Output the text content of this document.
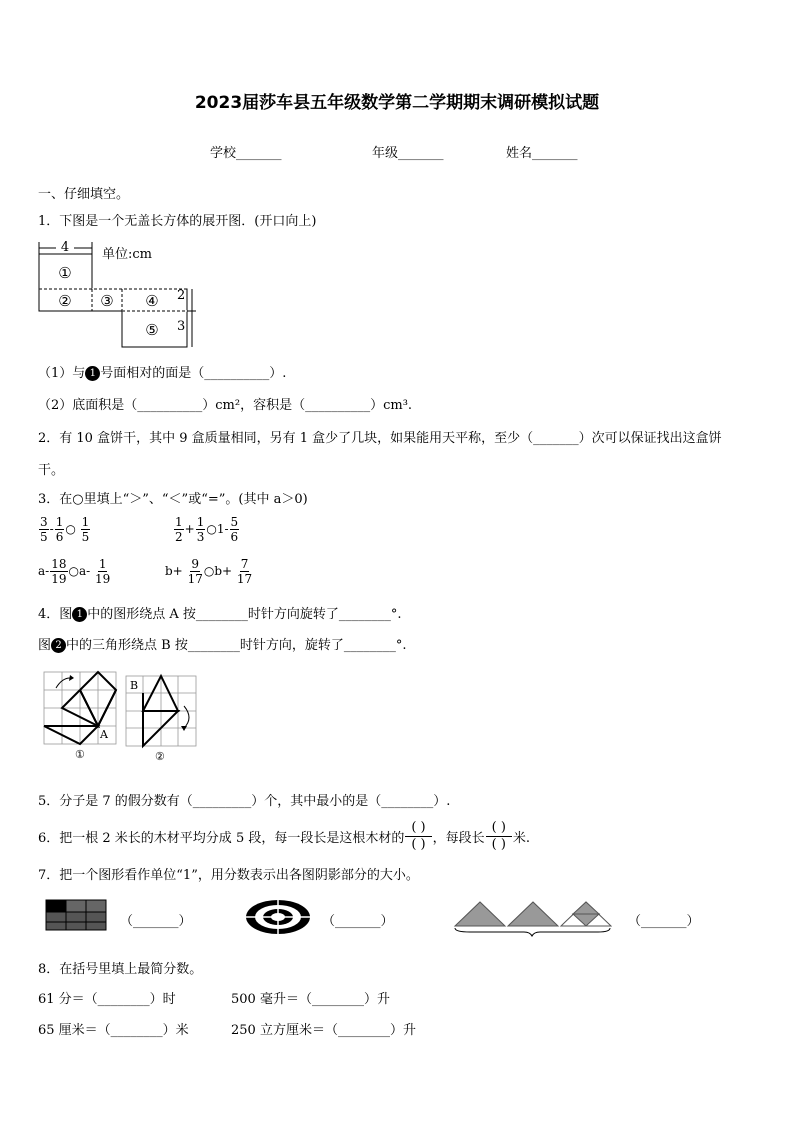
2023届莎车县五年级数学第二学期期末调研模拟试题
学校_______	年级_______	姓名_______
一、仔细填空。
1．下图是一个无盖长方体的展开图．(开口向上)
4	单位:cm
①
② ③ ④
⑤
2
3
（1）与 1 号面相对的面是（__________）.
（2）底面积是（__________）cm²，容积是（__________）cm³.
2．有 10 盒饼干，其中 9 盒质量相同，另有 1 盒少了几块，如果能用天平称，至少（_______）次可以保证找出这盒饼
干。
3．在○里填上“＞”、“＜”或“=”。(其中 a＞0)
$\frac{3}{5} - \frac{1}{6}$ ○ $\frac{1}{5}$	$\frac{1}{2} + \frac{1}{3}$ ○1- $\frac{5}{6}$
$a- \frac{18}{19}$ ○a- $\frac{1}{19}$	$b+ \frac{9}{17}$ ○b+ $\frac{7}{17}$
4．图 1 中的图形绕点 A 按________时针方向旋转了________°.
图 2 中的三角形绕点 B 按________时针方向，旋转了________°.
A
①
B
②
5．分子是 7 的假分数有（_________）个，其中最小的是（________）.
6．把一根 2 米长的木材平均分成 5 段，每一段长是这根木材的 $\frac{( )}{( )}$ ，每段长 $\frac{( )}{( )}$ 米.
7．把一个图形看作单位“1”，用分数表示出各图阴影部分的大小。
（_______）	（_______）	（_______）
8．在括号里填上最简分数。
61 分＝（________）时	500 毫升＝（________）升
65 厘米＝（________）米	250 立方厘米＝（________）升
